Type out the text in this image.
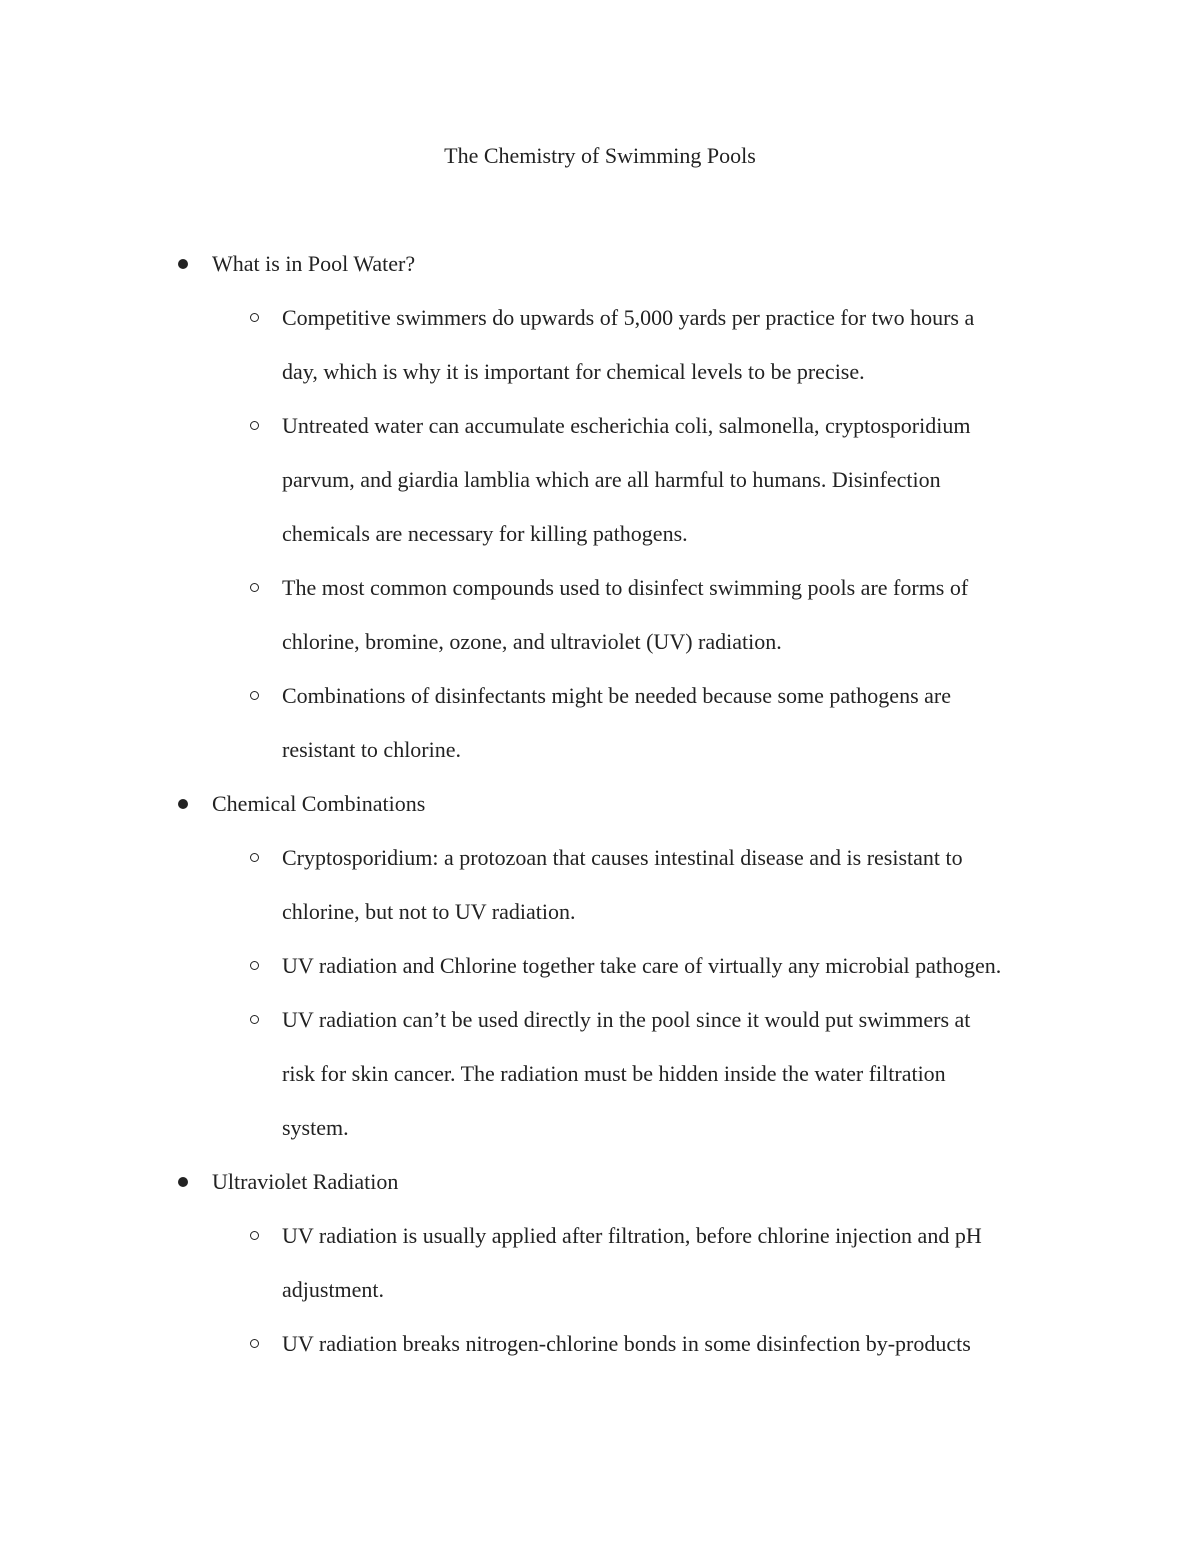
The Chemistry of Swimming Pools
What is in Pool Water?
Competitive swimmers do upwards of 5,000 yards per practice for two hours a
day, which is why it is important for chemical levels to be precise.
Untreated water can accumulate escherichia coli, salmonella, cryptosporidium
parvum, and giardia lamblia which are all harmful to humans. Disinfection
chemicals are necessary for killing pathogens.
The most common compounds used to disinfect swimming pools are forms of
chlorine, bromine, ozone, and ultraviolet (UV) radiation.
Combinations of disinfectants might be needed because some pathogens are
resistant to chlorine.
Chemical Combinations
Cryptosporidium: a protozoan that causes intestinal disease and is resistant to
chlorine, but not to UV radiation.
UV radiation and Chlorine together take care of virtually any microbial pathogen.
UV radiation can’t be used directly in the pool since it would put swimmers at
risk for skin cancer. The radiation must be hidden inside the water filtration
system.
Ultraviolet Radiation
UV radiation is usually applied after filtration, before chlorine injection and pH
adjustment.
UV radiation breaks nitrogen-chlorine bonds in some disinfection by-products
